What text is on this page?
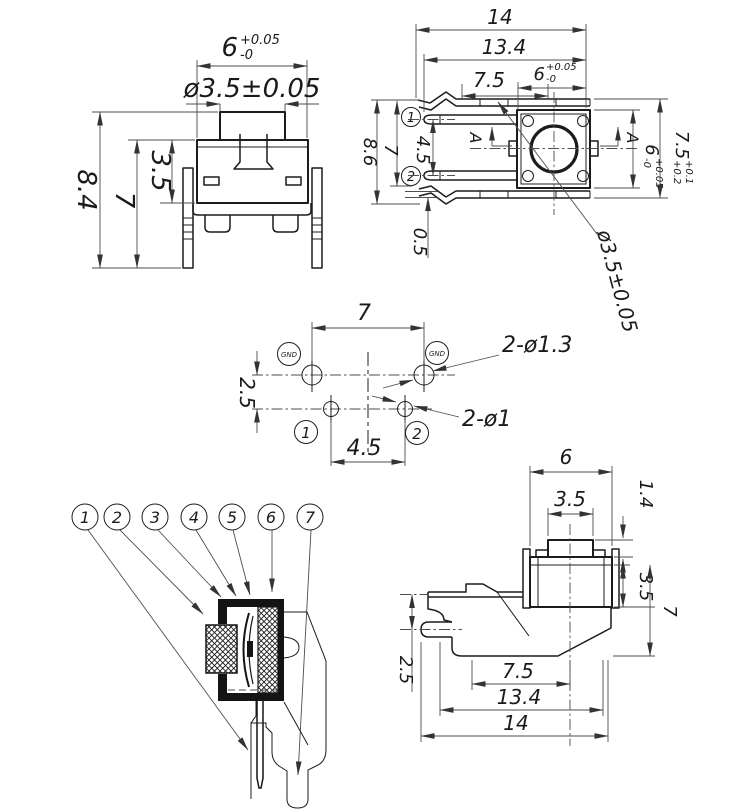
6 +0.05
-0
ø3.5±0.05
8.4 7
3.5
A	A
1
2
14
13.4
7.5 6 +0.05
-0
8.6 7 4.5
0.5
6
+0.05
-0
7.5
+0.1
+0.2
ø3.5±0.05
7
2.5
4.5
2-ø1.3
2-ø1
GND	GND
1	2
1 2 3 4 5 6 7
6
3.5	1.4
3.5
7
2.5	7.5
13.4
14
